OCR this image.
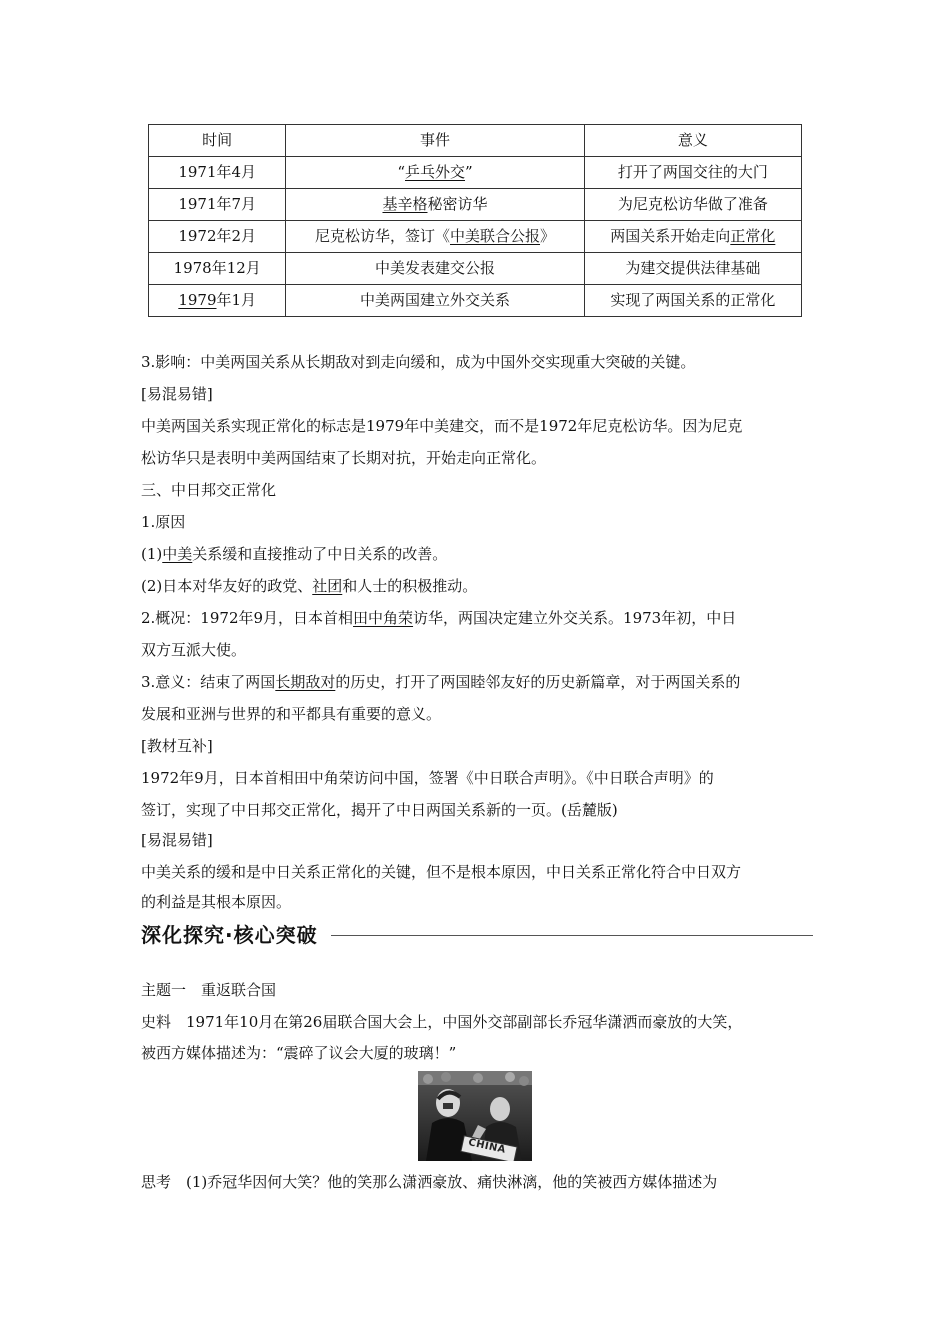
时间	事件	意义
1971年4月	“乒乓外交”	打开了两国交往的大门
1971年7月	基辛格秘密访华	为尼克松访华做了准备
1972年2月	尼克松访华，签订《中美联合公报》	两国关系开始走向正常化
1978年12月	中美发表建交公报	为建交提供法律基础
1979年1月	中美两国建立外交关系	实现了两国关系的正常化
3.影响：中美两国关系从长期敌对到走向缓和，成为中国外交实现重大突破的关键。
[易混易错]
中美两国关系实现正常化的标志是1979年中美建交，而不是1972年尼克松访华。因为尼克
松访华只是表明中美两国结束了长期对抗，开始走向正常化。
三、中日邦交正常化
1.原因
(1)中美关系缓和直接推动了中日关系的改善。
(2)日本对华友好的政党、社团和人士的积极推动。
2.概况：1972年9月，日本首相田中角荣访华，两国决定建立外交关系。1973年初，中日
双方互派大使。
3.意义：结束了两国长期敌对的历史，打开了两国睦邻友好的历史新篇章，对于两国关系的
发展和亚洲与世界的和平都具有重要的意义。
[教材互补]
1972年9月，日本首相田中角荣访问中国，签署《中日联合声明》。《中日联合声明》的
签订，实现了中日邦交正常化，揭开了中日两国关系新的一页。(岳麓版)
[易混易错]
中美关系的缓和是中日关系正常化的关键，但不是根本原因，中日关系正常化符合中日双方
的利益是其根本原因。
深化探究·核心突破
主题一　重返联合国
史料　1971年10月在第26届联合国大会上，中国外交部副部长乔冠华潇洒而豪放的大笑，
被西方媒体描述为：“震碎了议会大厦的玻璃！”
CHINA
思考　(1)乔冠华因何大笑？他的笑那么潇洒豪放、痛快淋漓，他的笑被西方媒体描述为
